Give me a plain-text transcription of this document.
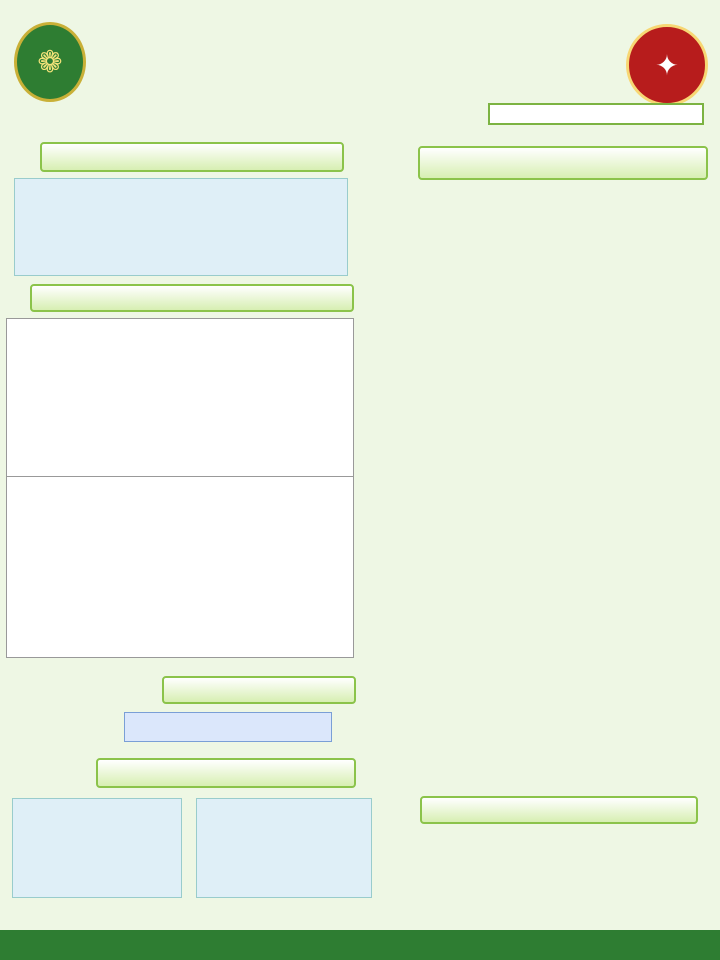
❁	✦
